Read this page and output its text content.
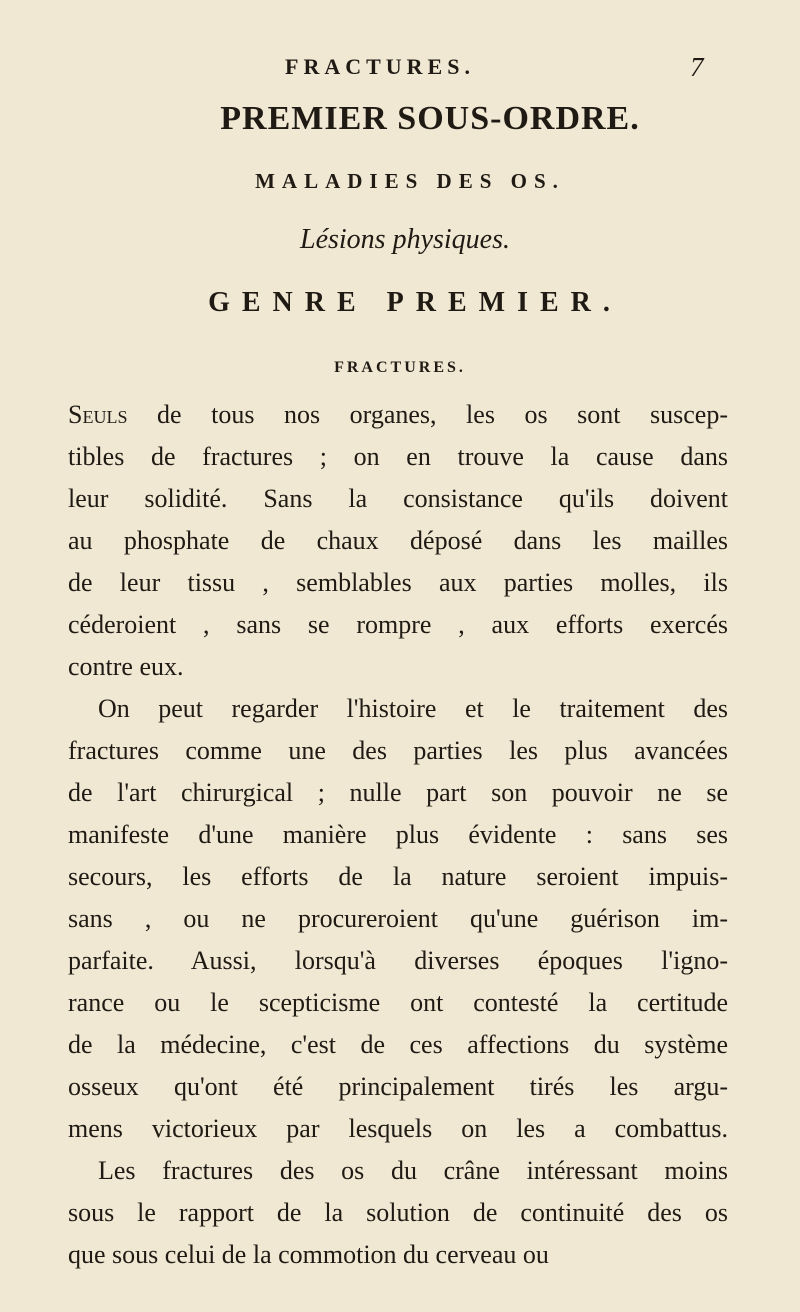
FRACTURES.	7
PREMIER SOUS-ORDRE.
MALADIES DES OS.
Lésions physiques.
GENRE PREMIER.
FRACTURES.
Seuls de tous nos organes, les os sont suscep-
tibles de fractures ; on en trouve la cause dans
leur solidité. Sans la consistance qu'ils doivent
au phosphate de chaux déposé dans les mailles
de leur tissu , semblables aux parties molles, ils
céderoient , sans se rompre , aux efforts exercés
contre eux.
On peut regarder l'histoire et le traitement des
fractures comme une des parties les plus avancées
de l'art chirurgical ; nulle part son pouvoir ne se
manifeste d'une manière plus évidente : sans ses
secours, les efforts de la nature seroient impuis-
sans , ou ne procureroient qu'une guérison im-
parfaite. Aussi, lorsqu'à diverses époques l'igno-
rance ou le scepticisme ont contesté la certitude
de la médecine, c'est de ces affections du système
osseux qu'ont été principalement tirés les argu-
mens victorieux par lesquels on les a combattus.
Les fractures des os du crâne intéressant moins
sous le rapport de la solution de continuité des os
que sous celui de la commotion du cerveau ou
